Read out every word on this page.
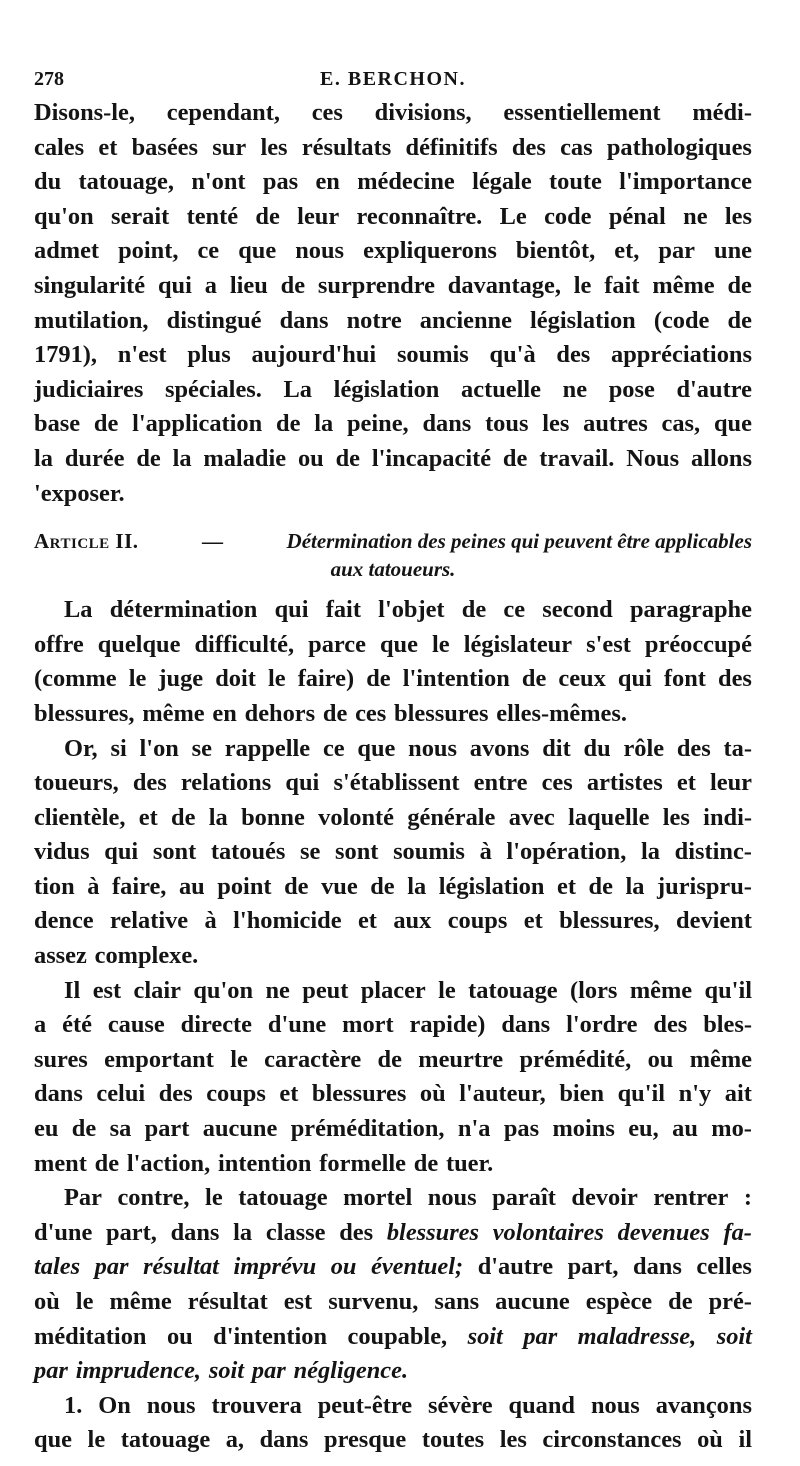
278	E. BERCHON.
Disons-le, cependant, ces divisions, essentiellement médi-
cales et basées sur les résultats définitifs des cas pathologiques
du tatouage, n'ont pas en médecine légale toute l'importance
qu'on serait tenté de leur reconnaître. Le code pénal ne les
admet point, ce que nous expliquerons bientôt, et, par une
singularité qui a lieu de surprendre davantage, le fait même de
mutilation, distingué dans notre ancienne législation (code de
1791), n'est plus aujourd'hui soumis qu'à des appréciations
judiciaires spéciales. La législation actuelle ne pose d'autre
base de l'application de la peine, dans tous les autres cas, que
la durée de la maladie ou de l'incapacité de travail. Nous allons
'exposer.
Article II.	—	Détermination des peines qui peuvent être applicables
aux tatoueurs.
La détermination qui fait l'objet de ce second paragraphe
offre quelque difficulté, parce que le législateur s'est préoccupé
(comme le juge doit le faire) de l'intention de ceux qui font des
blessures, même en dehors de ces blessures elles-mêmes.
Or, si l'on se rappelle ce que nous avons dit du rôle des ta-
toueurs, des relations qui s'établissent entre ces artistes et leur
clientèle, et de la bonne volonté générale avec laquelle les indi-
vidus qui sont tatoués se sont soumis à l'opération, la distinc-
tion à faire, au point de vue de la législation et de la jurispru-
dence relative à l'homicide et aux coups et blessures, devient
assez complexe.
Il est clair qu'on ne peut placer le tatouage (lors même qu'il
a été cause directe d'une mort rapide) dans l'ordre des bles-
sures emportant le caractère de meurtre prémédité, ou même
dans celui des coups et blessures où l'auteur, bien qu'il n'y ait
eu de sa part aucune préméditation, n'a pas moins eu, au mo-
ment de l'action, intention formelle de tuer.
Par contre, le tatouage mortel nous paraît devoir rentrer :
d'une part, dans la classe des blessures volontaires devenues fa-
tales par résultat imprévu ou éventuel; d'autre part, dans celles
où le même résultat est survenu, sans aucune espèce de pré-
méditation ou d'intention coupable, soit par maladresse, soit
par imprudence, soit par négligence.
1. On nous trouvera peut-être sévère quand nous avançons
que le tatouage a, dans presque toutes les circonstances où il
